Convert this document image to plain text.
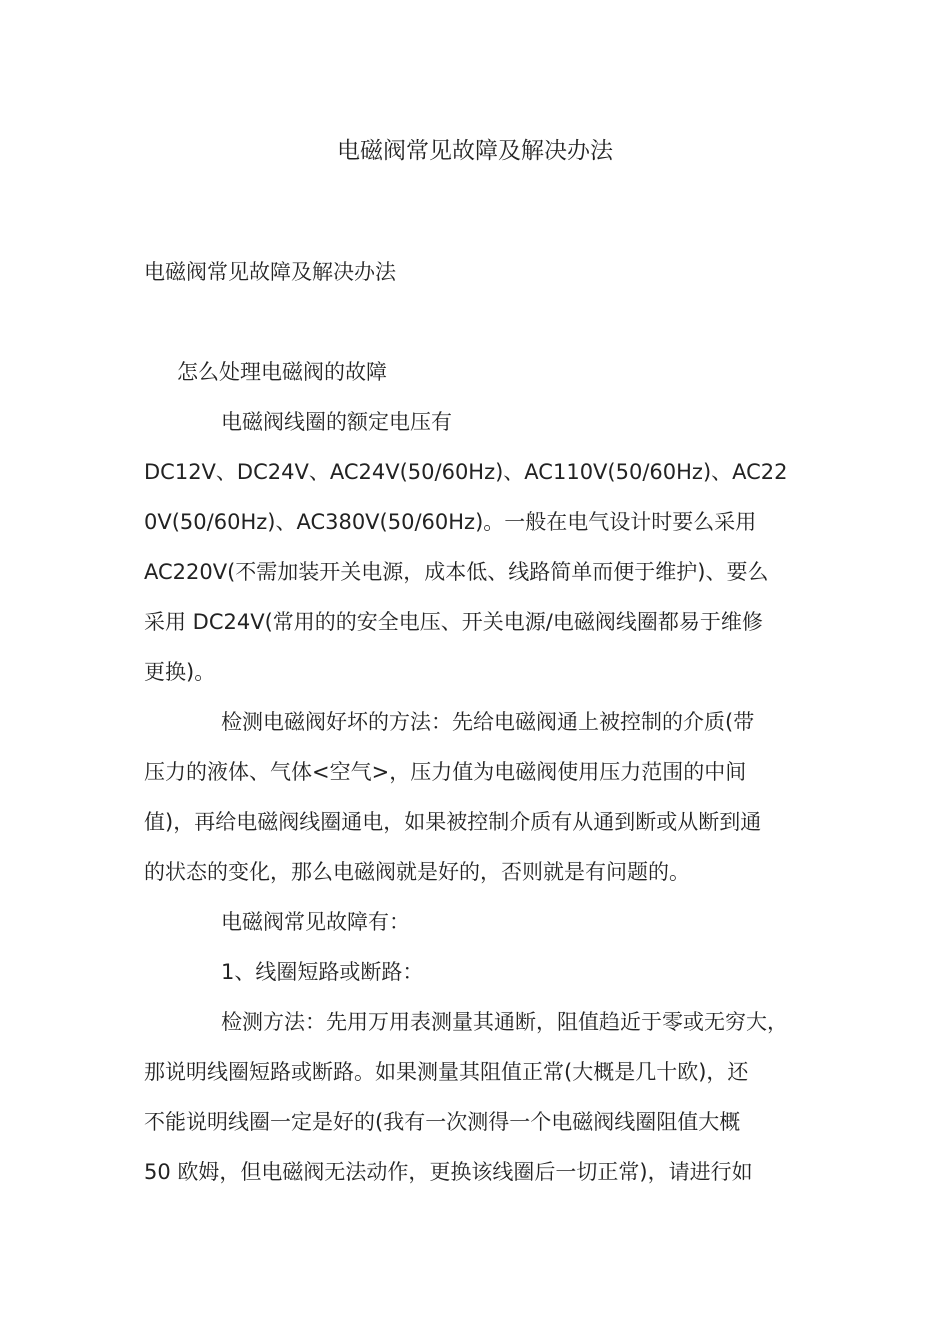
电磁阀常见故障及解决办法
电磁阀常见故障及解决办法
怎么处理电磁阀的故障
电磁阀线圈的额定电压有
DC12V、DC24V、AC24V(50/60Hz)、AC110V(50/60Hz)、AC22
0V(50/60Hz)、AC380V(50/60Hz)。一般在电气设计时要么采用
AC220V(不需加装开关电源，成本低、线路简单而便于维护)、要么
采用 DC24V(常用的的安全电压、开关电源/电磁阀线圈都易于维修
更换)。
检测电磁阀好坏的方法：先给电磁阀通上被控制的介质(带
压力的液体、气体<空气>，压力值为电磁阀使用压力范围的中间
值)，再给电磁阀线圈通电，如果被控制介质有从通到断或从断到通
的状态的变化，那么电磁阀就是好的，否则就是有问题的。
电磁阀常见故障有：
1、线圈短路或断路：
检测方法：先用万用表测量其通断，阻值趋近于零或无穷大，
那说明线圈短路或断路。如果测量其阻值正常(大概是几十欧)，还
不能说明线圈一定是好的(我有一次测得一个电磁阀线圈阻值大概
50 欧姆，但电磁阀无法动作，更换该线圈后一切正常)，请进行如
